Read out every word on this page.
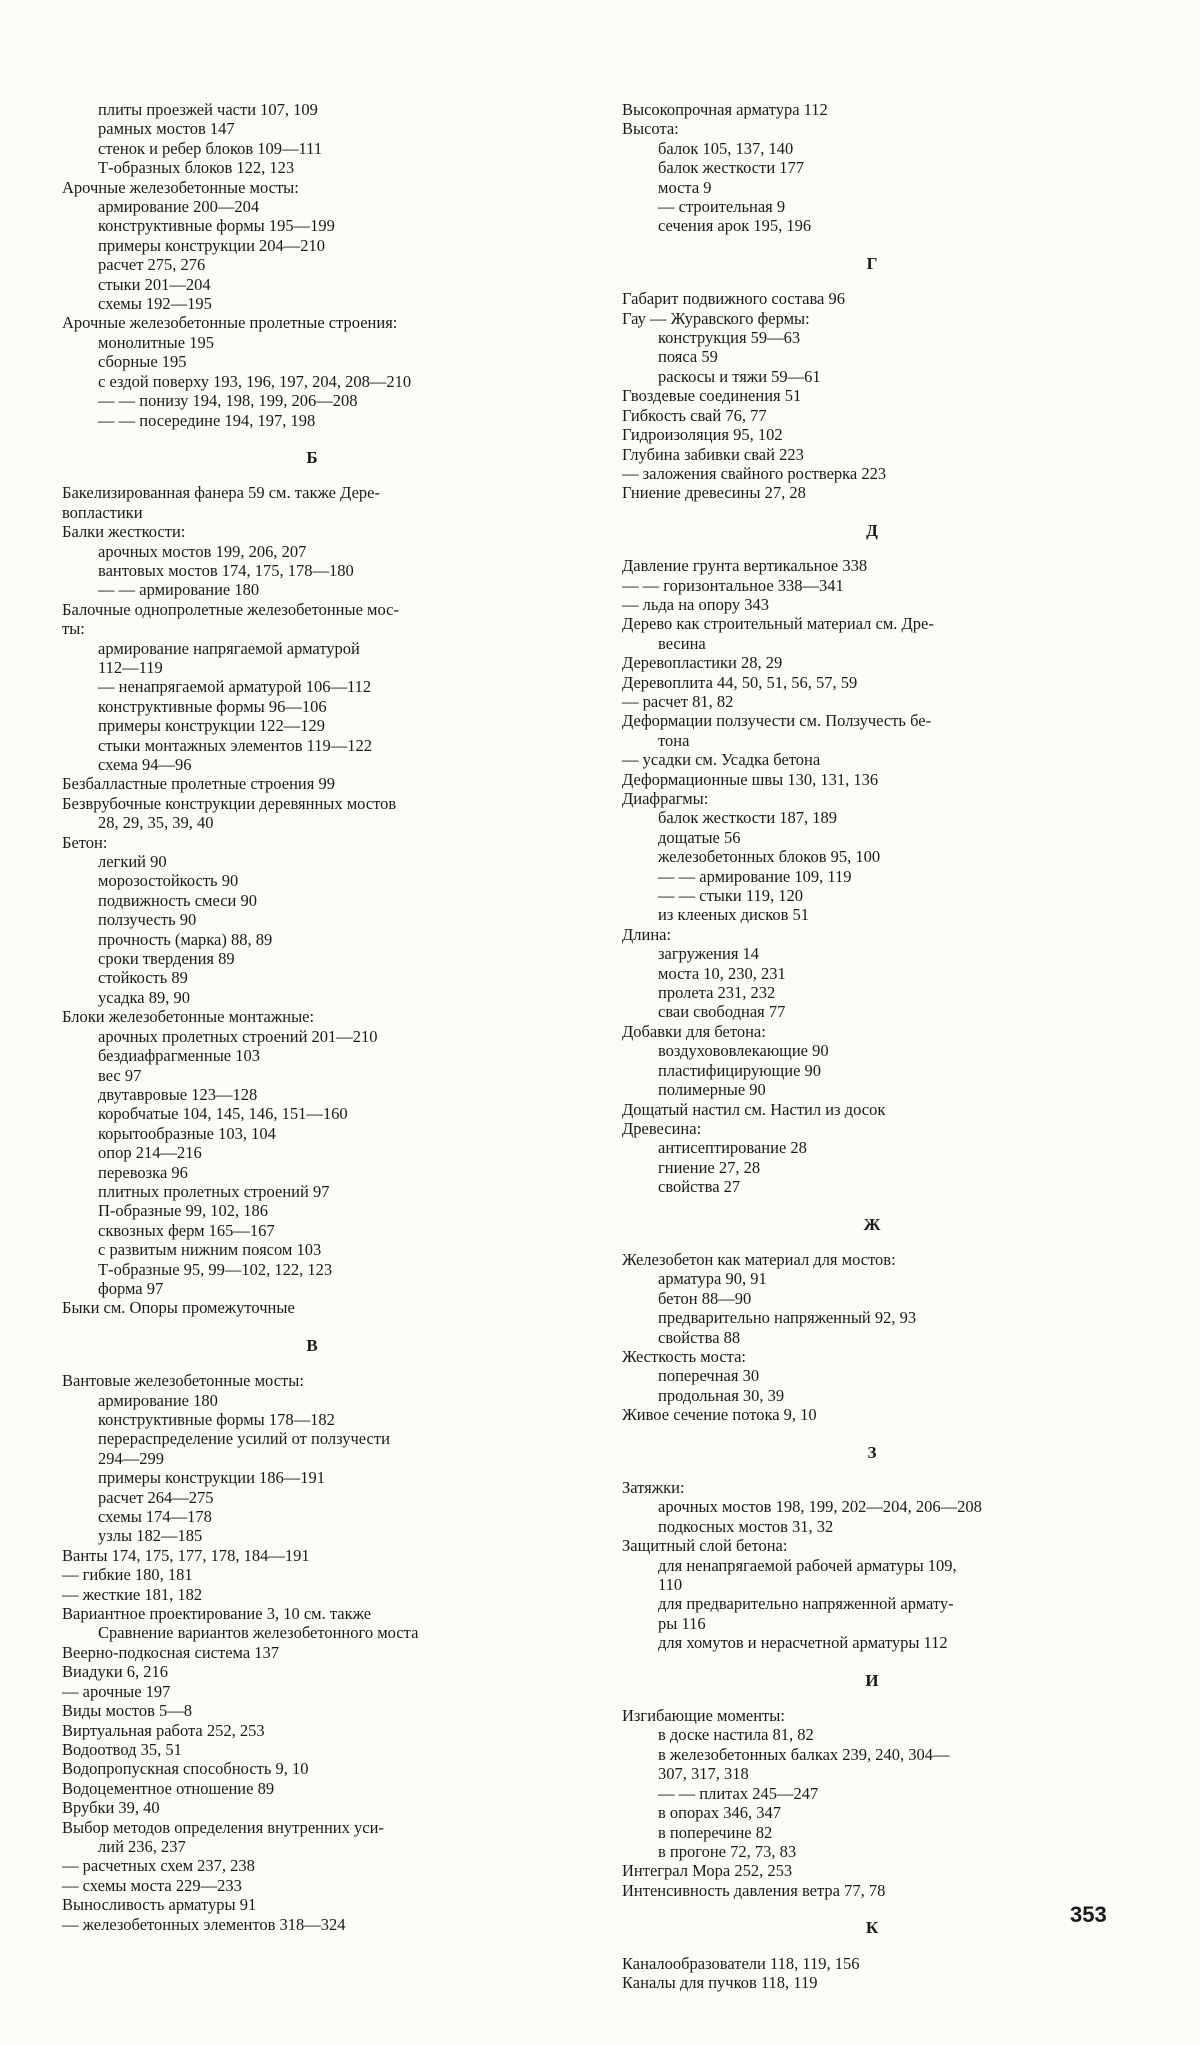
плиты проезжей части 107, 109
рамных мостов 147
стенок и ребер блоков 109—111
Т-образных блоков 122, 123
Арочные железобетонные мосты:
армирование 200—204
конструктивные формы 195—199
примеры конструкции 204—210
расчет 275, 276
стыки 201—204
схемы 192—195
Арочные железобетонные пролетные строения:
монолитные 195
сборные 195
с ездой поверху 193, 196, 197, 204, 208—210
— — понизу 194, 198, 199, 206—208
— — посередине 194, 197, 198
Б
Бакелизированная фанера 59 см. также Дере-
вопластики
Балки жесткости:
арочных мостов 199, 206, 207
вантовых мостов 174, 175, 178—180
— — армирование 180
Балочные однопролетные железобетонные мос-
ты:
армирование напрягаемой арматурой
112—119
— ненапрягаемой арматурой 106—112
конструктивные формы 96—106
примеры конструкции 122—129
стыки монтажных элементов 119—122
схема 94—96
Безбалластные пролетные строения 99
Безврубочные конструкции деревянных мостов
28, 29, 35, 39, 40
Бетон:
легкий 90
морозостойкость 90
подвижность смеси 90
ползучесть 90
прочность (марка) 88, 89
сроки твердения 89
стойкость 89
усадка 89, 90
Блоки железобетонные монтажные:
арочных пролетных строений 201—210
бездиафрагменные 103
вес 97
двутавровые 123—128
коробчатые 104, 145, 146, 151—160
корытообразные 103, 104
опор 214—216
перевозка 96
плитных пролетных строений 97
П-образные 99, 102, 186
сквозных ферм 165—167
с развитым нижним поясом 103
Т-образные 95, 99—102, 122, 123
форма 97
Быки см. Опоры промежуточные
В
Вантовые железобетонные мосты:
армирование 180
конструктивные формы 178—182
перераспределение усилий от ползучести
294—299
примеры конструкции 186—191
расчет 264—275
схемы 174—178
узлы 182—185
Ванты 174, 175, 177, 178, 184—191
— гибкие 180, 181
— жесткие 181, 182
Вариантное проектирование 3, 10 см. также
Сравнение вариантов железобетонного моста
Веерно-подкосная система 137
Виадуки 6, 216
— арочные 197
Виды мостов 5—8
Виртуальная работа 252, 253
Водоотвод 35, 51
Водопропускная способность 9, 10
Водоцементное отношение 89
Врубки 39, 40
Выбор методов определения внутренних уси-
лий 236, 237
— расчетных схем 237, 238
— схемы моста 229—233
Выносливость арматуры 91
— железобетонных элементов 318—324
Высокопрочная арматура 112
Высота:
балок 105, 137, 140
балок жесткости 177
моста 9
— строительная 9
сечения арок 195, 196
Г
Габарит подвижного состава 96
Гау — Журавского фермы:
конструкция 59—63
пояса 59
раскосы и тяжи 59—61
Гвоздевые соединения 51
Гибкость свай 76, 77
Гидроизоляция 95, 102
Глубина забивки свай 223
— заложения свайного ростверка 223
Гниение древесины 27, 28
Д
Давление грунта вертикальное 338
— — горизонтальное 338—341
— льда на опору 343
Дерево как строительный материал см. Дре-
весина
Деревопластики 28, 29
Деревоплита 44, 50, 51, 56, 57, 59
— расчет 81, 82
Деформации ползучести см. Ползучесть бе-
тона
— усадки см. Усадка бетона
Деформационные швы 130, 131, 136
Диафрагмы:
балок жесткости 187, 189
дощатые 56
железобетонных блоков 95, 100
— — армирование 109, 119
— — стыки 119, 120
из клееных дисков 51
Длина:
загружения 14
моста 10, 230, 231
пролета 231, 232
сваи свободная 77
Добавки для бетона:
воздухововлекающие 90
пластифицирующие 90
полимерные 90
Дощатый настил см. Настил из досок
Древесина:
антисептирование 28
гниение 27, 28
свойства 27
Ж
Железобетон как материал для мостов:
арматура 90, 91
бетон 88—90
предварительно напряженный 92, 93
свойства 88
Жесткость моста:
поперечная 30
продольная 30, 39
Живое сечение потока 9, 10
З
Затяжки:
арочных мостов 198, 199, 202—204, 206—208
подкосных мостов 31, 32
Защитный слой бетона:
для ненапрягаемой рабочей арматуры 109,
110
для предварительно напряженной армату-
ры 116
для хомутов и нерасчетной арматуры 112
И
Изгибающие моменты:
в доске настила 81, 82
в железобетонных балках 239, 240, 304—
307, 317, 318
— — плитах 245—247
в опорах 346, 347
в поперечине 82
в прогоне 72, 73, 83
Интеграл Мора 252, 253
Интенсивность давления ветра 77, 78
К
Каналообразователи 118, 119, 156
Каналы для пучков 118, 119
353
